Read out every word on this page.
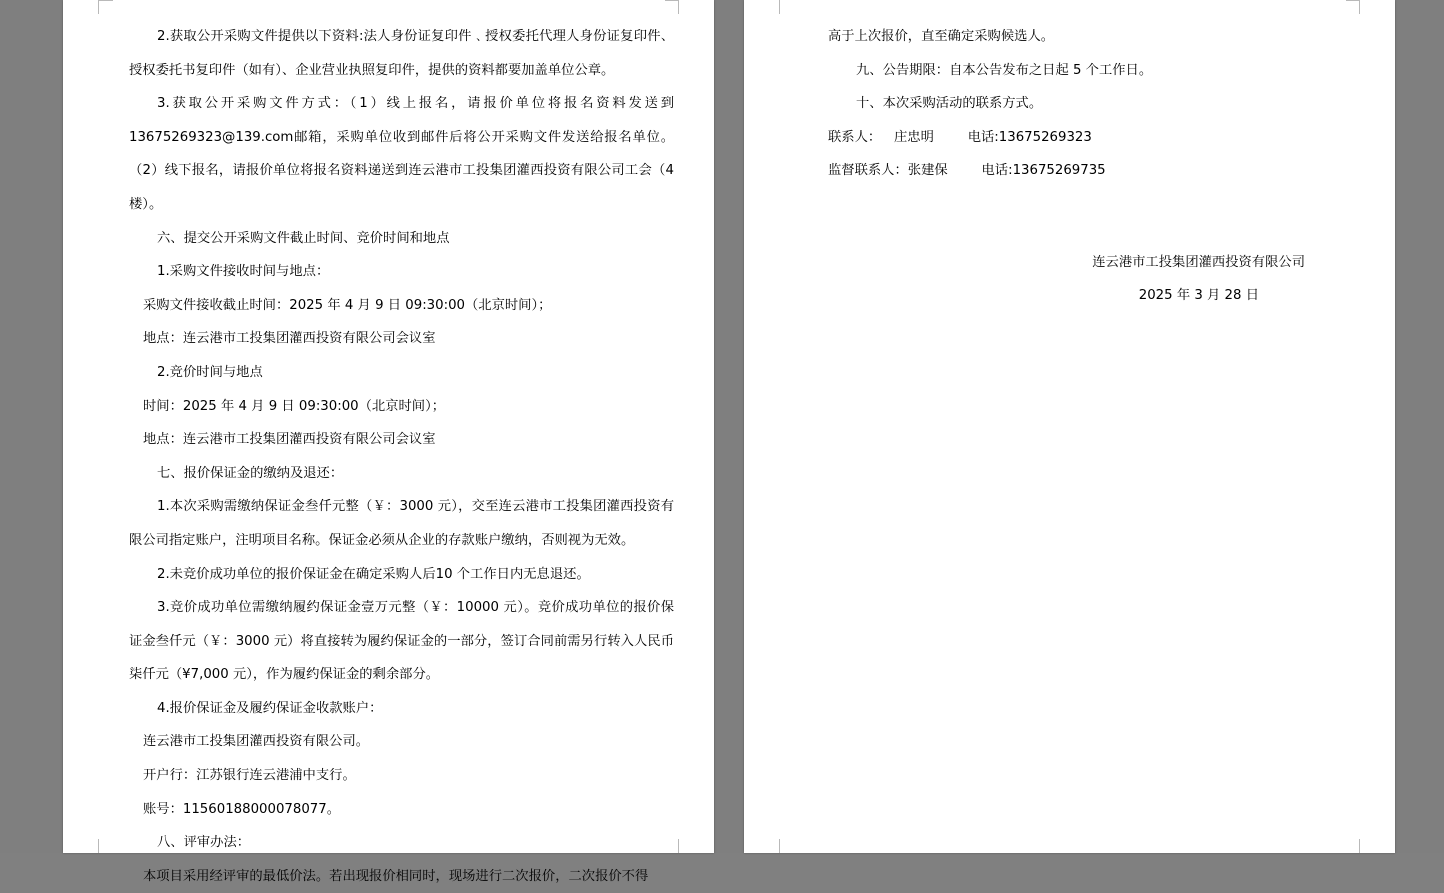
2.获取公开采购文件提供以下资料:法人身份证复印件﹑授权委托代理人身份证复印件、授权委托书复印件（如有）、企业营业执照复印件，提供的资料都要加盖单位公章。

3.获取公开采购文件方式：（1）线上报名，请报价单位将报名资料发送到13675269323@139.com邮箱，采购单位收到邮件后将公开采购文件发送给报名单位。（2）线下报名，请报价单位将报名资料递送到连云港市工投集团灌西投资有限公司工会（4 楼）。

六、提交公开采购文件截止时间、竞价时间和地点

1.采购文件接收时间与地点：

采购文件接收截止时间：2025 年 4 月 9 日 09:30:00（北京时间）；

地点：连云港市工投集团灌西投资有限公司会议室

2.竞价时间与地点

时间：2025 年 4 月 9 日 09:30:00（北京时间）；

地点：连云港市工投集团灌西投资有限公司会议室

七、报价保证金的缴纳及退还：

1.本次采购需缴纳保证金叁仟元整（￥：3000 元），交至连云港市工投集团灌西投资有限公司指定账户，注明项目名称。保证金必须从企业的存款账户缴纳，否则视为无效。

2.未竞价成功单位的报价保证金在确定采购人后10 个工作日内无息退还。

3.竞价成功单位需缴纳履约保证金壹万元整（￥：10000 元）。竞价成功单位的报价保证金叁仟元（￥：3000 元）将直接转为履约保证金的一部分，签订合同前需另行转入人民币柒仟元（¥7,000 元），作为履约保证金的剩余部分。

4.报价保证金及履约保证金收款账户：

连云港市工投集团灌西投资有限公司。

开户行：江苏银行连云港浦中支行。

账号：11560188000078077。

八、评审办法：

本项目采用经评审的最低价法。若出现报价相同时，现场进行二次报价，二次报价不得

高于上次报价，直至确定采购候选人。

九、公告期限：自本公告发布之日起 5 个工作日。

十、本次采购活动的联系方式。

联系人： 庄忠明	电话:13675269323

监督联系人：张建保	电话:13675269735

连云港市工投集团灌西投资有限公司

2025 年 3 月 28 日
